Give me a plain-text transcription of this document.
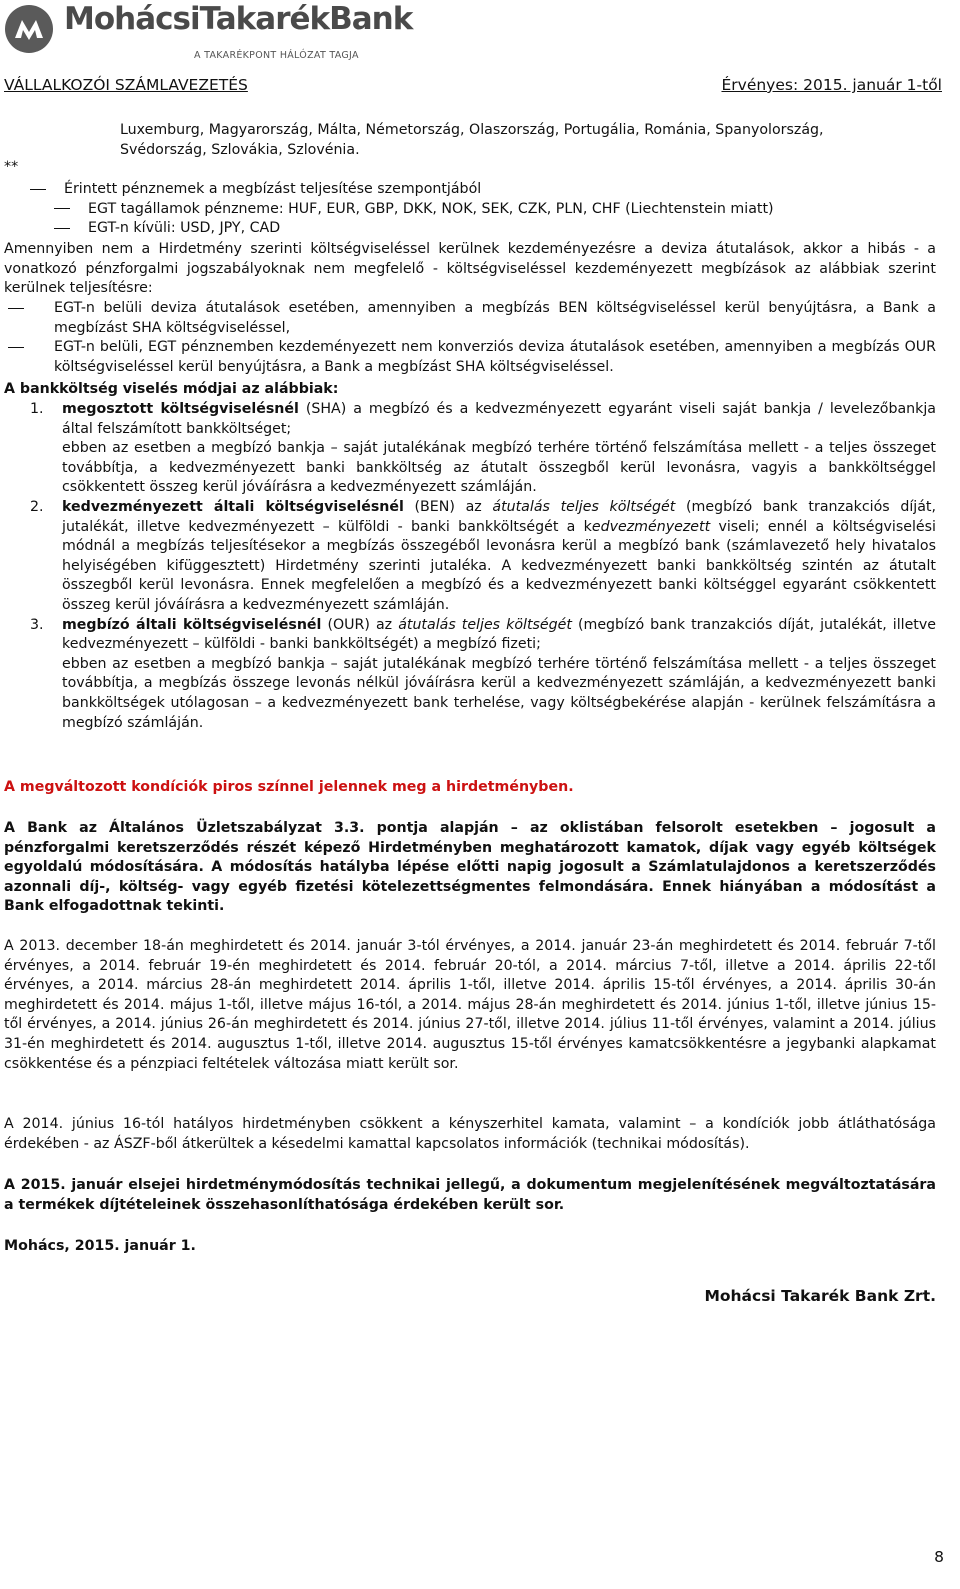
MohácsiTakarékBank
A TAKARÉKPONT HÁLÓZAT TAGJA
VÁLLALKOZÓI SZÁMLAVEZETÉS	Érvényes: 2015. január 1-től

Luxemburg, Magyarország, Málta, Németország, Olaszország, Portugália, Románia, Spanyolország,

Svédország, Szlovákia, Szlovénia.

**

Érintett pénznemek a megbízást teljesítése szempontjából

EGT tagállamok pénzneme: HUF, EUR, GBP, DKK, NOK, SEK, CZK, PLN, CHF (Liechtenstein miatt)

EGT-n kívüli: USD, JPY, CAD

Amennyiben nem a Hirdetmény szerinti költségviseléssel kerülnek kezdeményezésre a deviza átutalások, akkor a hibás - a vonatkozó pénzforgalmi jogszabályoknak nem megfelelő - költségviseléssel kezdeményezett megbízások az alábbiak szerint kerülnek teljesítésre:
EGT-n belüli deviza átutalások esetében, amennyiben a megbízás BEN költségviseléssel kerül benyújtásra, a Bank a megbízást SHA költségviseléssel,
EGT-n belüli, EGT pénznemben kezdeményezett nem konverziós deviza átutalások esetében, amennyiben a megbízás OUR költségviseléssel kerül benyújtásra, a Bank a megbízást SHA költségviseléssel.
A bankköltség viselés módjai az alábbiak:
1. megosztott költségviselésnél (SHA) a megbízó és a kedvezményezett egyaránt viseli saját bankja / levelezőbankja által felszámított bankköltséget;

ebben az esetben a megbízó bankja – saját jutalékának megbízó terhére történő felszámítása mellett - a teljes összeget továbbítja, a kedvezményezett banki bankköltség az átutalt összegből kerül levonásra, vagyis a bankköltséggel csökkentett összeg kerül jóváírásra a kedvezményezett számláján.

2. kedvezményezett általi költségviselésnél (BEN) az átutalás teljes költségét (megbízó bank tranzakciós díját, jutalékát, illetve kedvezményezett – külföldi - banki bankköltségét a kedvezményezett viseli; ennél a költségviselési módnál a megbízás teljesítésekor a megbízás összegéből levonásra kerül a megbízó bank (számlavezető hely hivatalos helyiségében kifüggesztett) Hirdetmény szerinti jutaléka. A kedvezményezett banki bankköltség szintén az átutalt összegből kerül levonásra. Ennek megfelelően a megbízó és a kedvezményezett banki költséggel egyaránt csökkentett összeg kerül jóváírásra a kedvezményezett számláján.

3. megbízó általi költségviselésnél (OUR) az átutalás teljes költségét (megbízó bank tranzakciós díját, jutalékát, illetve kedvezményezett – külföldi - banki bankköltségét) a megbízó fizeti;

ebben az esetben a megbízó bankja – saját jutalékának megbízó terhére történő felszámítása mellett - a teljes összeget továbbítja, a megbízás összege levonás nélkül jóváírásra kerül a kedvezményezett számláján, a kedvezményezett banki bankköltségek utólagosan – a kedvezményezett bank terhelése, vagy költségbekérése alapján - kerülnek felszámításra a megbízó számláján.

A megváltozott kondíciók piros színnel jelennek meg a hirdetményben.
A Bank az Általános Üzletszabályzat 3.3. pontja alapján – az oklistában felsorolt esetekben – jogosult a pénzforgalmi keretszerződés részét képező Hirdetményben meghatározott kamatok, díjak vagy egyéb költségek egyoldalú módosítására. A módosítás hatályba lépése előtti napig jogosult a Számlatulajdonos a keretszerződés azonnali díj-, költség- vagy egyéb fizetési kötelezettségmentes felmondására. Ennek hiányában a módosítást a Bank elfogadottnak tekinti.
A 2013. december 18-án meghirdetett és 2014. január 3-tól érvényes, a 2014. január 23-án meghirdetett és 2014. február 7-től érvényes, a 2014. február 19-én meghirdetett és 2014. február 20-tól, a 2014. március 7-től, illetve a 2014. április 22-től érvényes, a 2014. március 28-án meghirdetett 2014. április 1-től, illetve 2014. április 15-től érvényes, a 2014. április 30-án meghirdetett és 2014. május 1-től, illetve május 16-tól, a 2014. május 28-án meghirdetett és 2014. június 1-től, illetve június 15-től érvényes, a 2014. június 26-án meghirdetett és 2014. június 27-től, illetve 2014. július 11-től érvényes, valamint a 2014. július 31-én meghirdetett és 2014. augusztus 1-től, illetve 2014. augusztus 15-től érvényes kamatcsökkentésre a jegybanki alapkamat csökkentése és a pénzpiaci feltételek változása miatt került sor.
A 2014. június 16-tól hatályos hirdetményben csökkent a kényszerhitel kamata, valamint – a kondíciók jobb átláthatósága érdekében - az ÁSZF-ből átkerültek a késedelmi kamattal kapcsolatos információk (technikai módosítás).
A 2015. január elsejei hirdetménymódosítás technikai jellegű, a dokumentum megjelenítésének megváltoztatására a termékek díjtételeinek összehasonlíthatósága érdekében került sor.
Mohács, 2015. január 1.
Mohácsi Takarék Bank Zrt.
8
